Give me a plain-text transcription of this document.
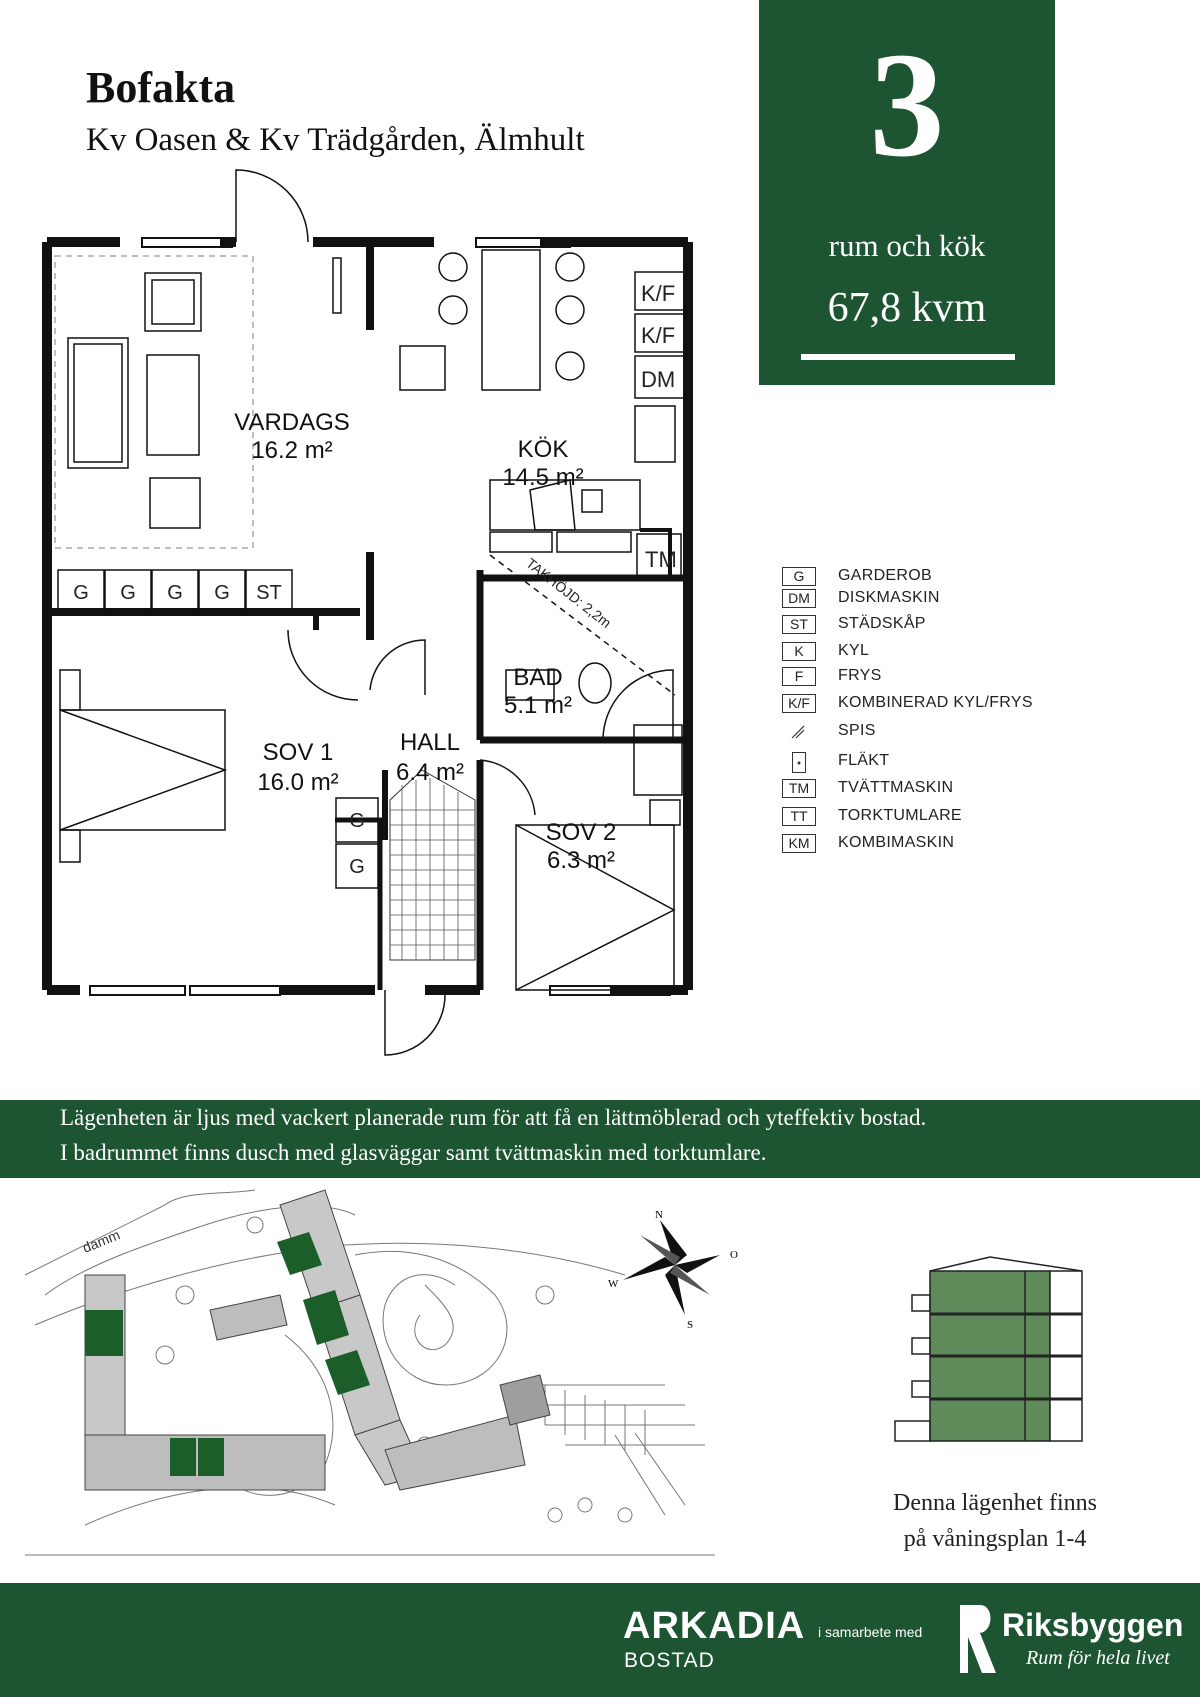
Bofakta
Kv Oasen & Kv Trädgården, Älmhult	3
rum och kök
67,8 kvm
K/F
K/F
DM
TM
TAKHÖJD: 2,2m
G G G G ST
G
G
VARDAGS
16.2 m²	KÖK
14.5 m²
BAD
5.1 m²
SOV 1
16.0 m²
HALL
6.4 m²
SOV 2
6.3 m²
G	GARDEROB
DM	DISKMASKIN
ST	STÄDSKÅP
K	KYL
F	FRYS
K/F	KOMBINERAD KYL/FRYS
SPIS
FLÄKT
TM	TVÄTTMASKIN
TT	TORKTUMLARE
KM	KOMBIMASKIN
Lägenheten är ljus med vackert planerade rum för att få en lättmöblerad och yteffektiv bostad.
I badrummet finns dusch med glasväggar samt tvättmaskin med torktumlare.
damm
N
O
S
W
Denna lägenhet finns
på våningsplan 1-4
ARKADIA
BOSTAD
i samarbete med Riksbyggen
Rum för hela livet
